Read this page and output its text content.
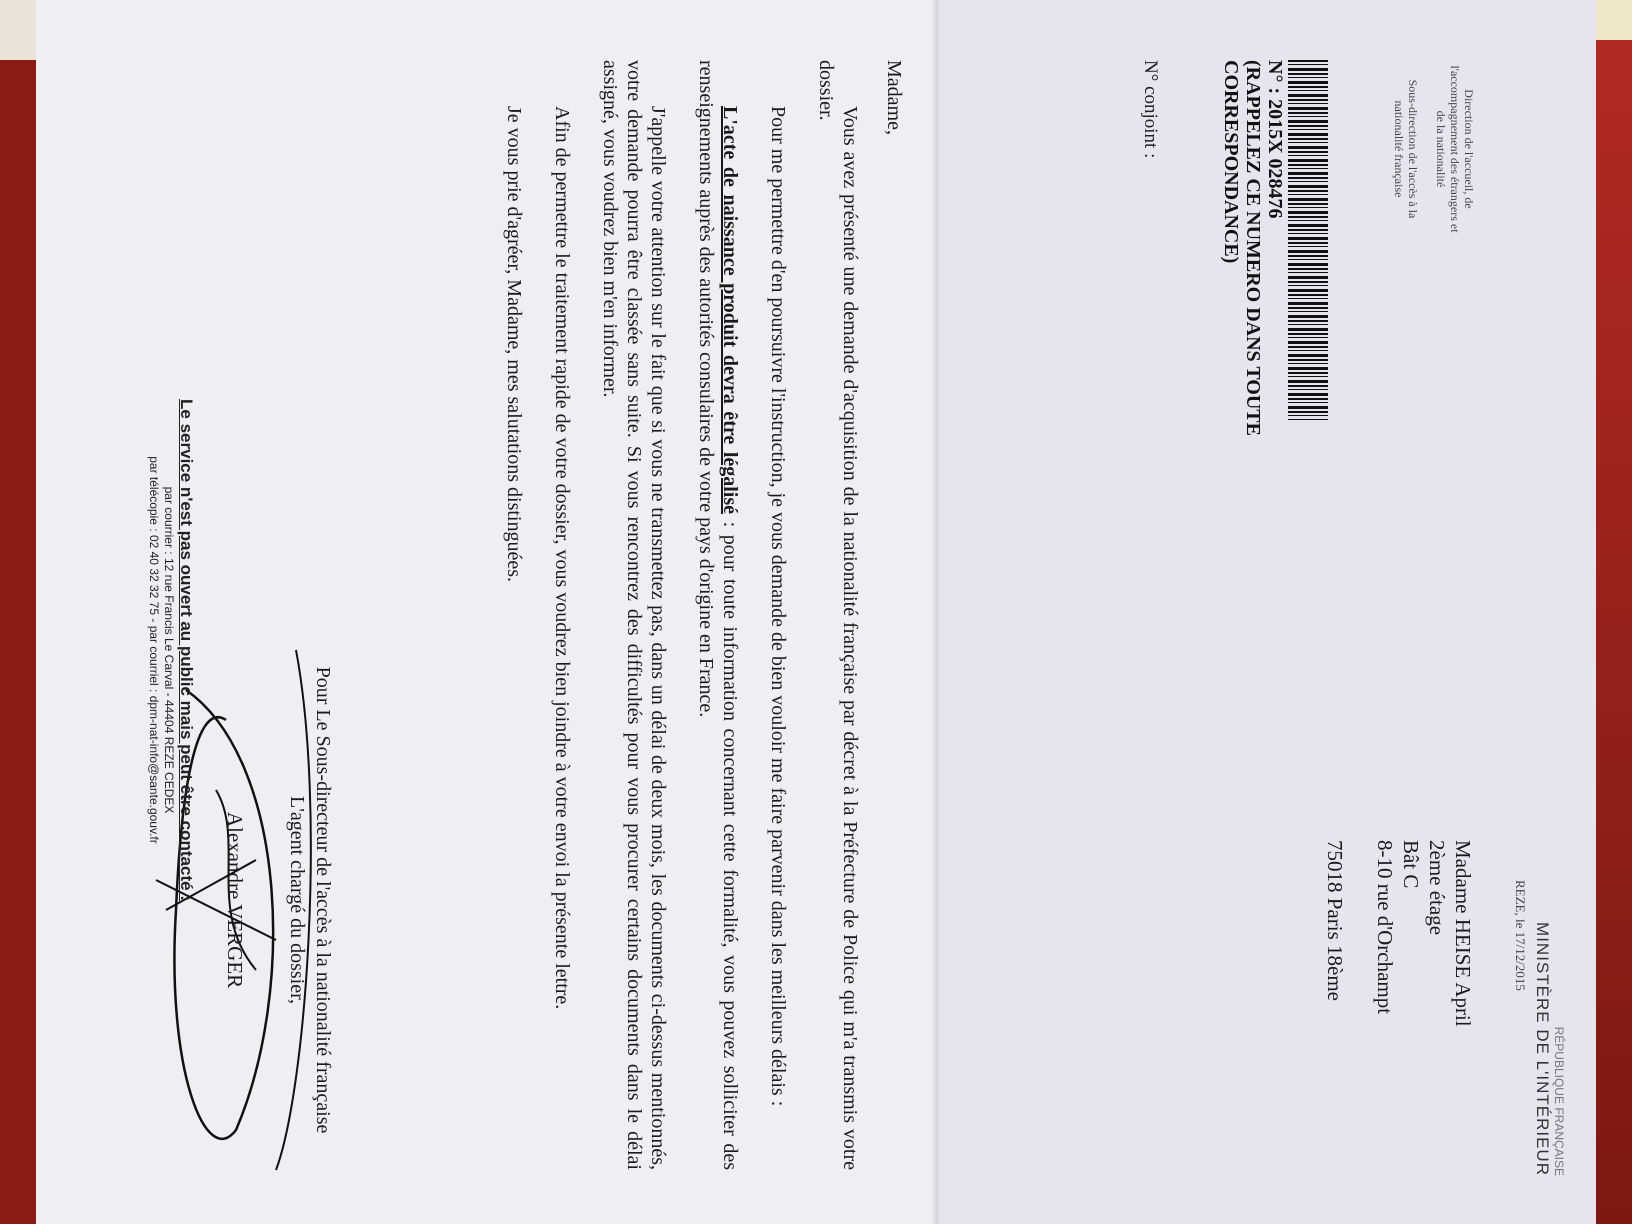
RÉPUBLIQUE FRANÇAISE
MINISTÈRE DE L'INTÉRIEUR
Direction de l'accueil, de l'accompagnement des étrangers et de la nationalité
Sous-direction de l'accès à la nationalité française
N° : 2015X 028476
(RAPPELEZ CE NUMERO DANS TOUTE CORRESPONDANCE)
N° conjoint :
REZE, le 17/12/2015
Madame HEISE April
2ème étage
Bât C
8-10 rue d'Orchampt
75018 Paris 18ème

Madame,

Vous avez présenté une demande d'acquisition de la nationalité française par décret à la Préfecture de Police qui m'a transmis votre dossier.

Pour me permettre d'en poursuivre l'instruction, je vous demande de bien vouloir me faire parvenir dans les meilleurs délais :

L'acte de naissance produit devra être légalisé : pour toute information concernant cette formalité, vous pouvez solliciter des renseignements auprès des autorités consulaires de votre pays d'origine en France.

J'appelle votre attention sur le fait que si vous ne transmettez pas, dans un délai de deux mois, les documents ci-dessus mentionnés, votre demande pourra être classée sans suite. Si vous rencontrez des difficultés pour vous procurer certains documents dans le délai assigné, vous voudrez bien m'en informer.

Afin de permettre le traitement rapide de votre dossier, vous voudrez bien joindre à votre envoi la présente lettre.

Je vous prie d'agréer, Madame, mes salutations distinguées.

Pour Le Sous-directeur de l'accès à la nationalité française
L'agent chargé du dossier,
Alexandre VERGER
Le service n'est pas ouvert au public mais peut être contacté :
par courrier : 12 rue Francis Le Carval - 44404 REZE CEDEX
par télécopie : 02 40 32 32 75 - par courriel : dpm-nat-info@sante.gouv.fr
